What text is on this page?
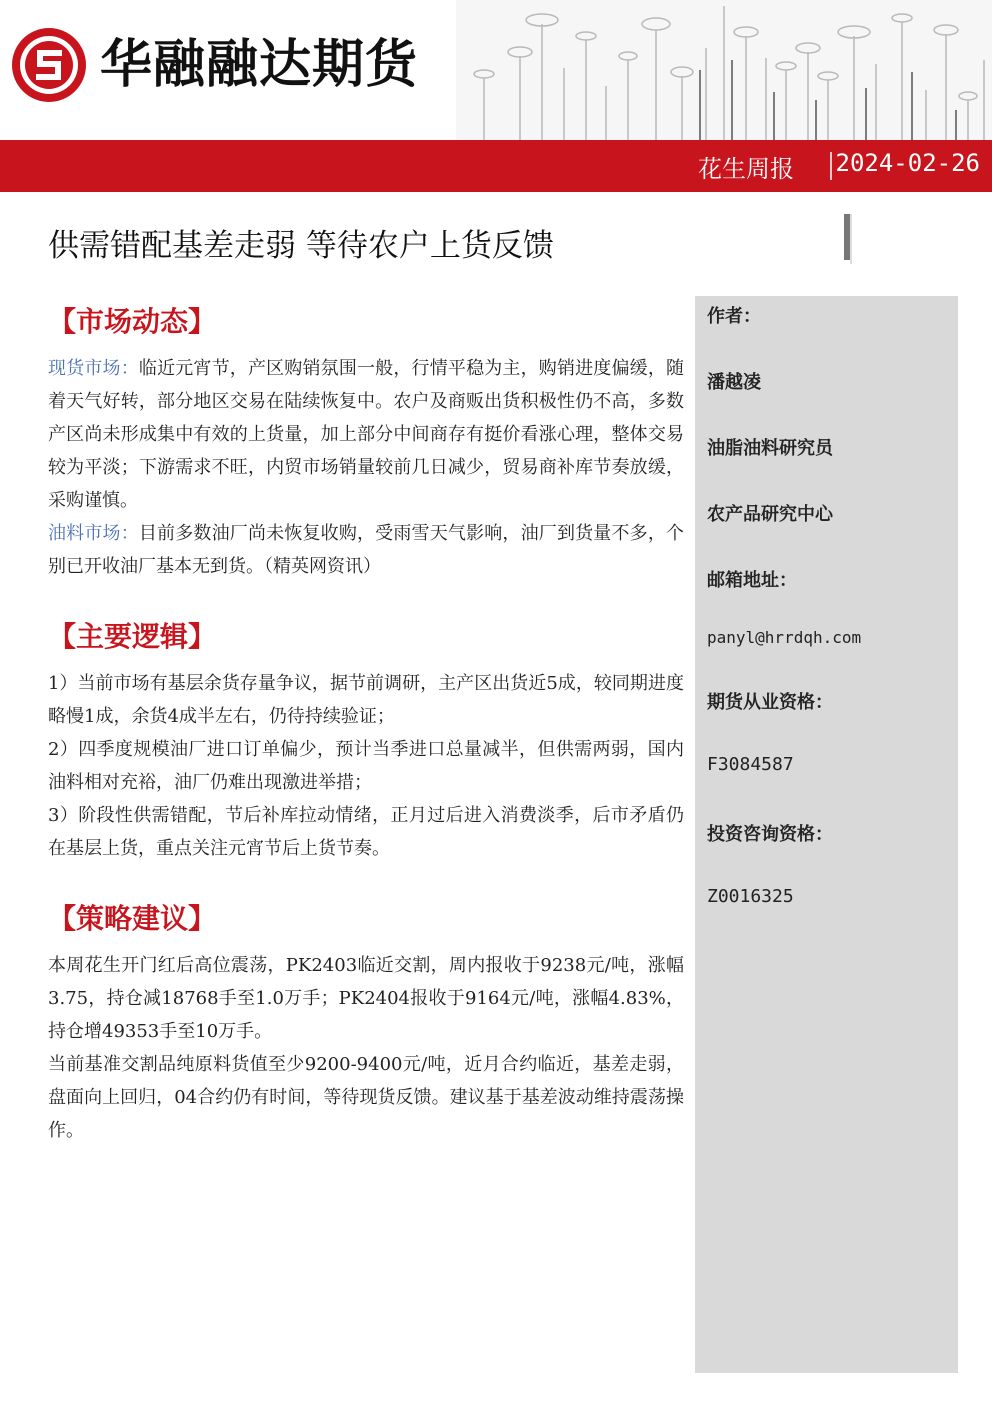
华融融达期货
花生周报 2024-02-26
供需错配基差走弱 等待农户上货反馈
【市场动态】

现货市场：临近元宵节，产区购销氛围一般，行情平稳为主，购销进度偏缓，随着天气好转，部分地区交易在陆续恢复中。农户及商贩出货积极性仍不高，多数产区尚未形成集中有效的上货量，加上部分中间商存有挺价看涨心理，整体交易较为平淡；下游需求不旺，内贸市场销量较前几日减少，贸易商补库节奏放缓，采购谨慎。

油料市场：目前多数油厂尚未恢复收购，受雨雪天气影响，油厂到货量不多，个别已开收油厂基本无到货。（精英网资讯）

【主要逻辑】

1）当前市场有基层余货存量争议，据节前调研，主产区出货近5成，较同期进度略慢1成，余货4成半左右，仍待持续验证；

2）四季度规模油厂进口订单偏少，预计当季进口总量减半，但供需两弱，国内油料相对充裕，油厂仍难出现激进举措；

3）阶段性供需错配，节后补库拉动情绪，正月过后进入消费淡季，后市矛盾仍在基层上货，重点关注元宵节后上货节奏。

【策略建议】

本周花生开门红后高位震荡，PK2403临近交割，周内报收于9238元/吨，涨幅3.75，持仓减18768手至1.0万手；PK2404报收于9164元/吨，涨幅4.83%，持仓增49353手至10万手。

当前基准交割品纯原料货值至少9200-9400元/吨，近月合约临近，基差走弱，盘面向上回归，04合约仍有时间，等待现货反馈。建议基于基差波动维持震荡操作。

作者：
潘越凌
油脂油料研究员
农产品研究中心
邮箱地址：
panyl@hrrdqh.com
期货从业资格：
F3084587
投资咨询资格：
Z0016325
